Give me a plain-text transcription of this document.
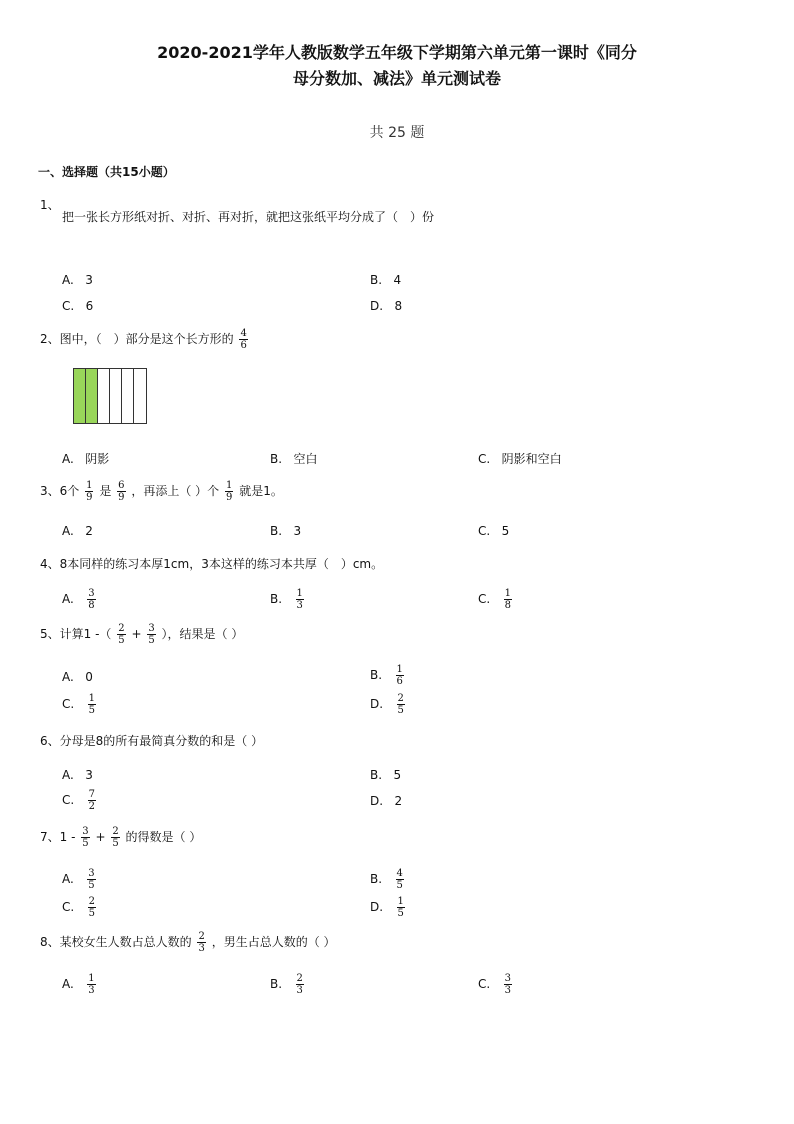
2020-2021学年人教版数学五年级下学期第六单元第一课时《同分
母分数加、减法》单元测试卷
共 25 题
一、选择题（共15小题）
1、
把一张长方形纸对折、对折、再对折，就把这张纸平均分成了（　）份
A. 3	B. 4
C. 6	D. 8
2、图中，（　）部分是这个长方形的 $\frac{4}{6}$
A. 阴影	B. 空白	C. 阴影和空白
3、6个 $\frac{1}{9}$ 是 $\frac{6}{9}$ ，再添上（ ）个 $\frac{1}{9}$ 就是1。
A. 2	B. 3	C. 5
4、8本同样的练习本厚1cm，3本这样的练习本共厚（　）cm。
A. $\frac{3}{8}$	B. $\frac{1}{3}$	C. $\frac{1}{8}$
5、计算1 -（ $\frac{2}{5} + \frac{3}{5}$ ），结果是（ ）
A. 0	B. $\frac{1}{6}$
C. $\frac{1}{5}$	D. $\frac{2}{5}$
6、分母是8的所有最简真分数的和是（ ）
A. 3	B. 5
C. $\frac{7}{2}$	D. 2
7、$1 - \frac{3}{5} + \frac{2}{5}$ 的得数是（ ）
A. $\frac{3}{5}$	B. $\frac{4}{5}$
C. $\frac{2}{5}$	D. $\frac{1}{5}$
8、某校女生人数占总人数的 $\frac{2}{3}$ ，男生占总人数的（ ）
A. $\frac{1}{3}$	B. $\frac{2}{3}$	C. $\frac{3}{3}$
